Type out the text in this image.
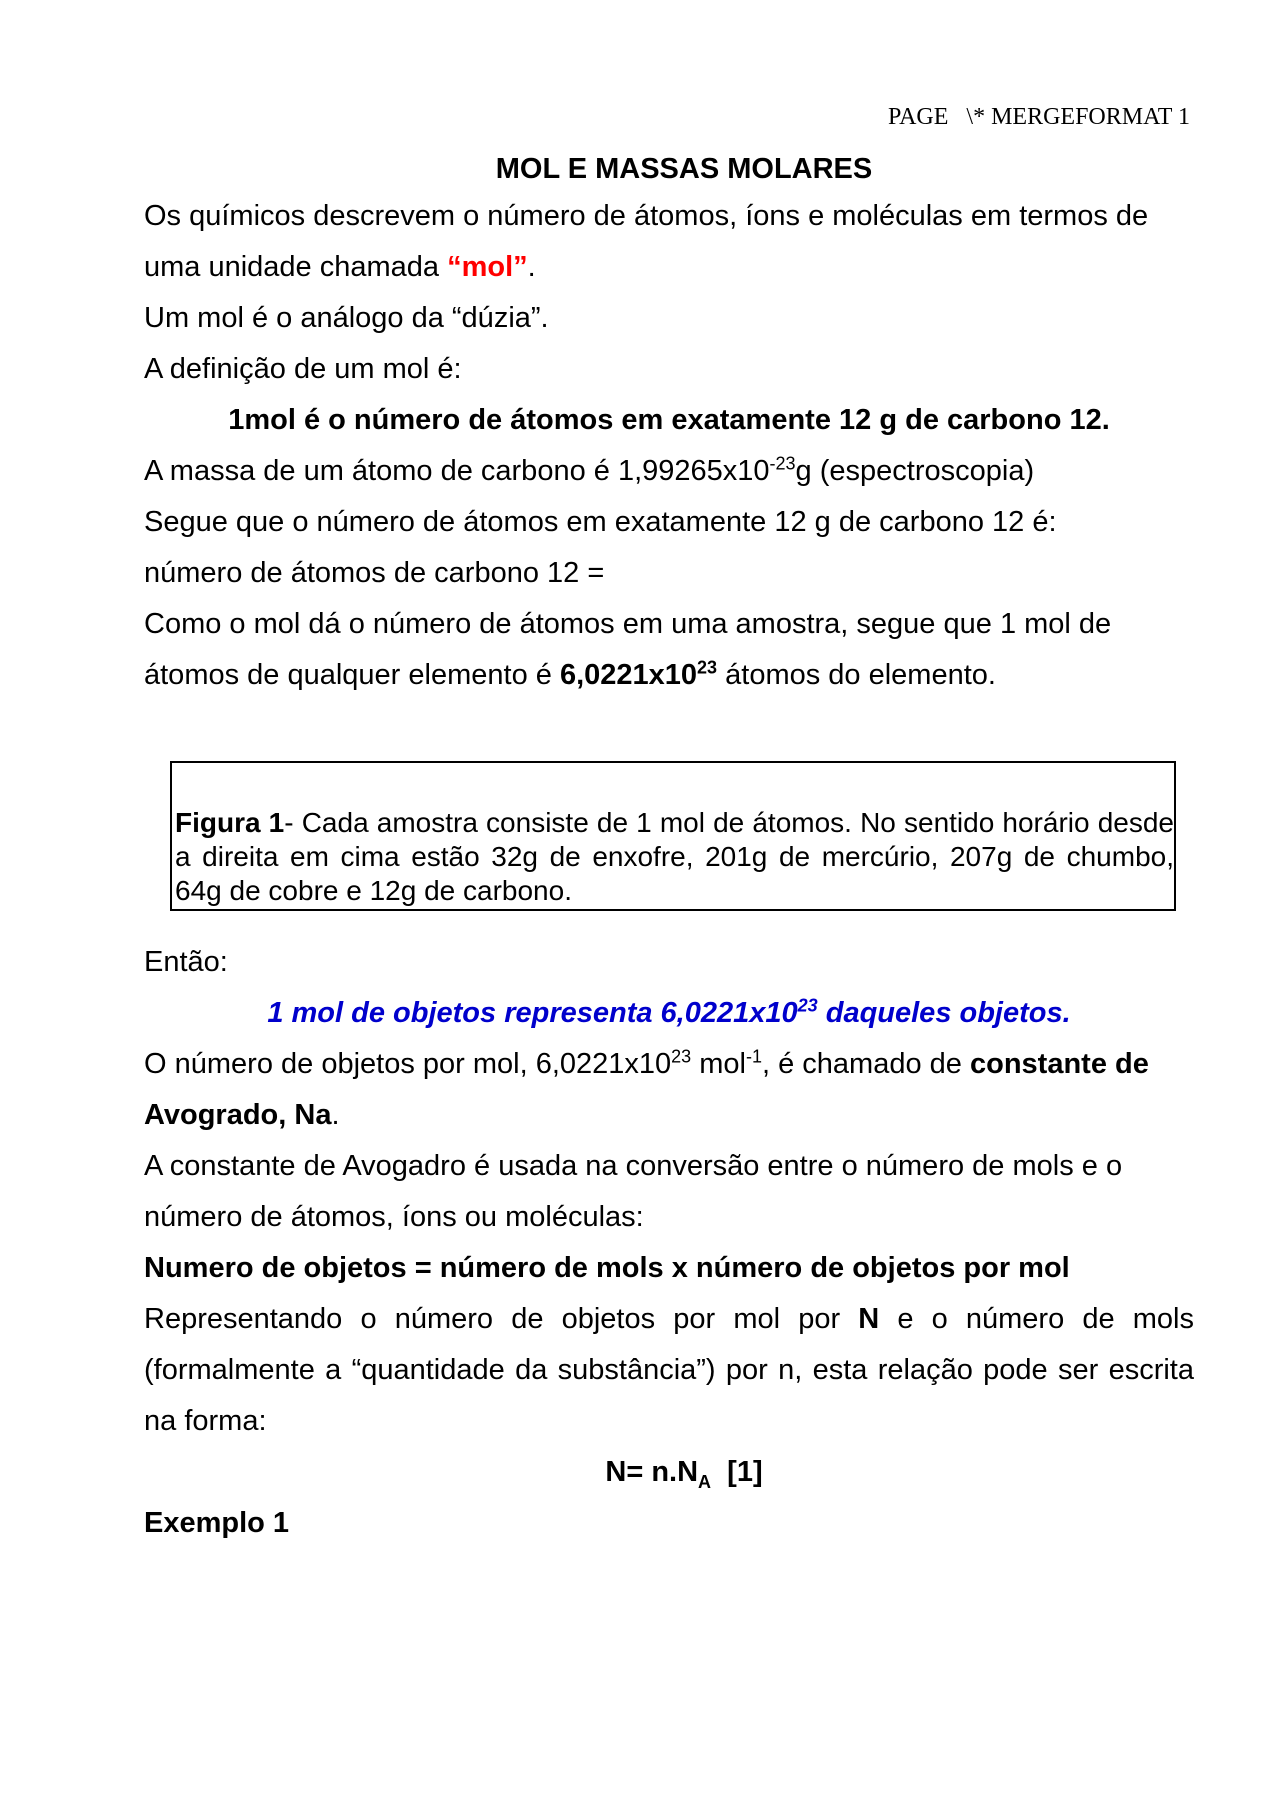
PAGE   \* MERGEFORMAT 1

MOL E MASSAS MOLARES

Os químicos descrevem o número de átomos, íons e moléculas em termos de

uma unidade chamada “mol”.

Um mol é o análogo da “dúzia”.

A definição de um mol é:

1mol é o número de átomos em exatamente 12 g de carbono 12.

A massa de um átomo de carbono é $1,99265x10^{-23}g$ (espectroscopia)

Segue que o número de átomos em exatamente 12 g de carbono 12 é:

número de átomos de carbono 12 =

Como o mol dá o número de átomos em uma amostra, segue que 1 mol de

átomos de qualquer elemento é $6,0221x10^{23}$ átomos do elemento.

Figura 1- Cada amostra consiste de 1 mol de átomos. No sentido horário desde a direita em cima estão 32g de enxofre, 201g de mercúrio, 207g de chumbo, 64g de cobre e 12g de carbono.

Então:

1 mol de objetos representa $6,0221x10^{23}$ daqueles objetos.

O número de objetos por mol, $6,0221x10^{23}$ mol$^{-1}$, é chamado de constante de

Avogrado, Na.

A constante de Avogadro é usada na conversão entre o número de mols e o

número de átomos, íons ou moléculas:

Numero de objetos = número de mols x número de objetos por mol

Representando o número de objetos por mol por N e o número de mols (formalmente a “quantidade da substância”) por n, esta relação pode ser escrita na forma:

$N= n.N_A$  [1]

Exemplo 1
